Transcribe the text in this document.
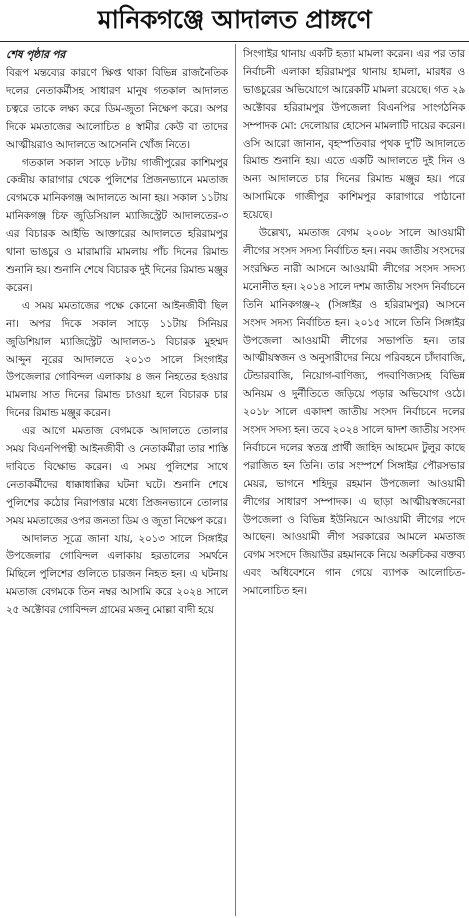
মানিকগঞ্জে আদালত প্রাঙ্গণে
শেষ পৃষ্ঠার পর

বিরূপ মন্তব্যের কারণে ক্ষিপ্ত থাকা বিভিন্ন রাজনৈতিক দলের নেতাকর্মীসহ সাধারণ মানুষ গতকাল আদালত চত্বরে তাকে লক্ষ্য করে ডিম-জুতা নিক্ষেপ করে। অপর দিকে মমতাজের আলোচিত ৪ স্বামীর কেউ বা তাদের আত্মীয়রাও আদালতে আসেননি খোঁজ নিতে।

গতকাল সকাল সাড়ে ৮টায় গাজীপুরের কাশিমপুর কেন্দ্রীয় কারাগার থেকে পুলিশের প্রিজনভ্যানে মমতাজ বেগমকে মানিকগঞ্জ আদালতে আনা হয়। সকাল ১১টায় মানিকগঞ্জ চিফ জুডিসিয়াল ম্যাজিস্ট্রেট আদালতের-৩ এর বিচারক আইভি আক্তারের আদালতে হরিরামপুর থানা ভাঙচুর ও মারামারি মামলায় পাঁচ দিনের রিমান্ড শুনানি হয়। শুনানি শেষে বিচারক দুই দিনের রিমান্ড মঞ্জুর করেন।

এ সময় মমতাজের পক্ষে কোনো আইনজীবী ছিল না। অপর দিকে সকাল সাড়ে ১১টায় সিনিয়র জুডিশিয়াল ম্যাজিস্ট্রেট আদালত-১ বিচারক মুহম্মদ আব্দুন নূরের আদালতে ২০১৩ সালে সিংগাইর উপজেলার গোবিন্দল এলাকায় ৪ জন নিহতের হওয়ার মামলায় সাত দিনের রিমান্ড চাওয়া হলে বিচারক চার দিনের রিমান্ড মঞ্জুর করেন।

এর আগে মমতাজ বেগমকে আদালতে তোলার সময় বিএনপিপন্থী আইনজীবী ও নেতাকর্মীরা তার শাস্তি দাবিতে বিক্ষোভ করেন। এ সময় পুলিশের সাথে নেতাকর্মীদের ধাক্কাধাক্কির ঘটনা ঘটে। শুনানি শেষে পুলিশের কঠোর নিরাপত্তার মধ্যে প্রিজনভ্যানে তোলার সময় মমতাজের ওপর জনতা ডিম ও জুতা নিক্ষেপ করে।

আদালত সূত্রে জানা যায়, ২০১৩ সালে সিঙ্গাইর উপজেলার গোবিন্দল এলাকায় হরতালের সমর্থনে মিছিলে পুলিশের গুলিতে চারজন নিহত হন। এ ঘটনায় মমতাজ বেগমকে তিন নম্বর আসামি করে ২০২৪ সালে ২৫ অক্টোবর গোবিন্দল গ্রামের মজনু মোল্লা বাদী হয়ে

সিংগাইর থানায় একটি হত্যা মামলা করেন। এর পর তার নির্বাচনী এলাকা হরিরামপুর থানায় হামলা, মারধর ও ভাঙচুরের অভিযোগে আরেকটি মামলা রয়েছে। গত ২৯ অক্টোবর হরিরামপুর উপজেলা বিএনপির সাংগঠনিক সম্পাদক মো: দেলোয়ার হোসেন মামলাটি দায়ের করেন। ওসি আরো জানান, বৃহস্পতিবার পৃথক দু'টি আদালতে রিমান্ড শুনানি হয়। এতে একটি আদালতে দুই দিন ও অন্য আদালতে চার দিনের রিমান্ড মঞ্জুর হয়। পরে আসামিকে গাজীপুর কাশিমপুর কারাগারে পাঠানো হয়েছে।

উল্লেখ্য, মমতাজ বেগম ২০০৮ সালে আওয়ামী লীগের সংসদ সদস্য নির্বাচিত হন। নবম জাতীয় সংসদের সংরক্ষিত নারী আসনে আওয়ামী লীগের সংসদ সদস্য মনোনীত হন। ২০১৪ সালে দশম জাতীয় সংসদ নির্বাচনে তিনি মানিকগঞ্জ-২ (সিঙ্গাইর ও হরিরামপুর) আসনে সংসদ সদস্য নির্বাচিত হন। ২০১৫ সালে তিনি সিঙ্গাইর উপজেলা আওয়ামী লীগের সভাপতি হন। তার আত্মীয়স্বজন ও অনুসারীদের নিয়ে পরিবহনে চাঁদাবাজি, টেন্ডারবাজি, নিয়োগ-বাণিজ্য, পদবাণিজ্যসহ বিভিন্ন অনিয়ম ও দুর্নীতিতে জড়িয়ে পড়ার অভিযোগ ওঠে। ২০১৮ সালে একাদশ জাতীয় সংসদ নির্বাচনে দলের সংসদ সদস্য হন। তবে ২০২৪ সালে দ্বাদশ জাতীয় সংসদ নির্বাচনে দলের স্বতন্ত্র প্রার্থী জাহিদ আহমেদ টুলুর কাছে পরাজিত হন তিনি। তার সংস্পর্শে সিঙ্গাইর পৌরসভার মেয়র, ভাগনে শহিদুর রহমান উপজেলা আওয়ামী লীগের সাধারণ সম্পাদক। এ ছাড়া আত্মীয়স্বজনেরা উপজেলা ও বিভিন্ন ইউনিয়নে আওয়ামী লীগের পদে আছেন। আওয়ামী লীগ সরকারের আমলে মমতাজ বেগম সংসদে জিয়াউর রহমানকে নিয়ে অরুচিকর বক্তব্য এবং অধিবেশনে গান গেয়ে ব্যাপক আলোচিত-সমালোচিত হন।
